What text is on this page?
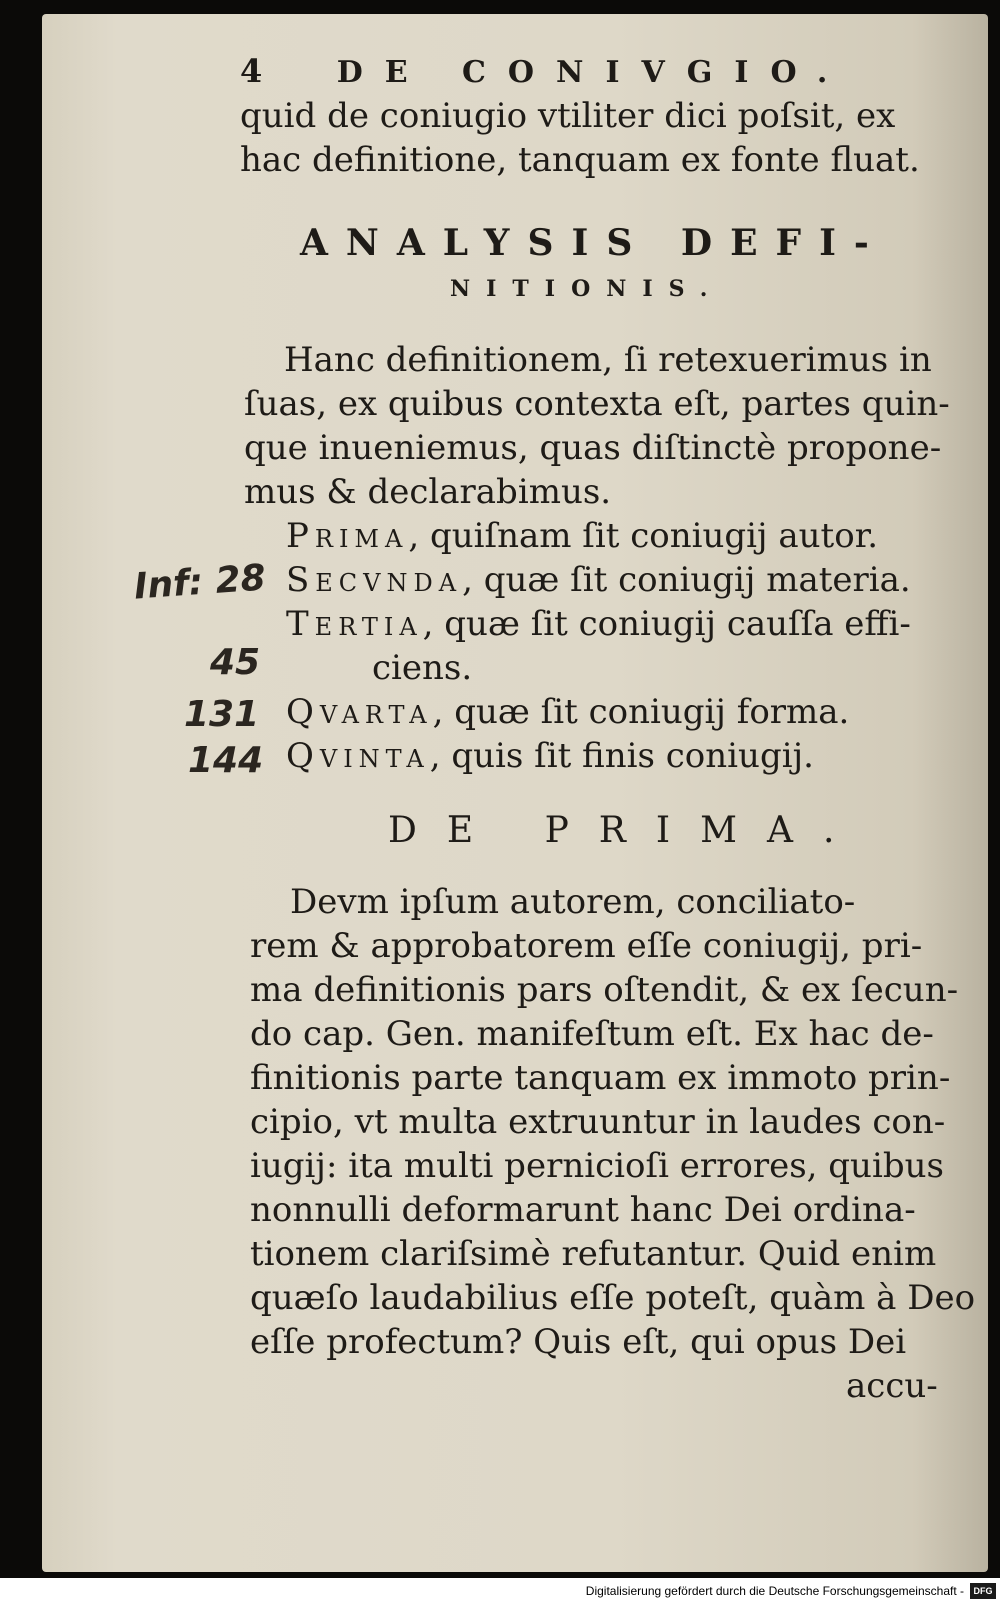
4 DE CONIVGIO.
quid de coniugio vtiliter dici poſsit, ex
hac definitione, tanquam ex fonte fluat.
ANALYSIS DEFI-
NITIONIS.
Hanc definitionem, ſi retexuerimus in
ſuas, ex quibus contexta eſt, partes quin-
que inueniemus, quas diſtinctè propone-
mus & declarabimus.
Prima, quiſnam ſit coniugij autor.
Secvnda, quæ ſit coniugij materia.
Tertia, quæ ſit coniugij cauſſa effi-
ciens.
Qvarta, quæ ſit coniugij forma.
Qvinta, quis ſit finis coniugij.
Inf: 28
45
131
144
DE PRIMA.
Devm ipſum autorem, conciliato-
rem & approbatorem eſſe coniugij, pri-
ma definitionis pars oſtendit, & ex ſecun-
do cap. Gen. manifeſtum eſt. Ex hac de-
finitionis parte tanquam ex immoto prin-
cipio, vt multa extruuntur in laudes con-
iugij: ita multi pernicioſi errores, quibus
nonnulli deformarunt hanc Dei ordina-
tionem clariſsimè refutantur. Quid enim
quæſo laudabilius eſſe poteſt, quàm à Deo
eſſe profectum? Quis eſt, qui opus Dei
accu-
Digitalisierung gefördert durch die Deutsche Forschungsgemeinschaft -	DFG
